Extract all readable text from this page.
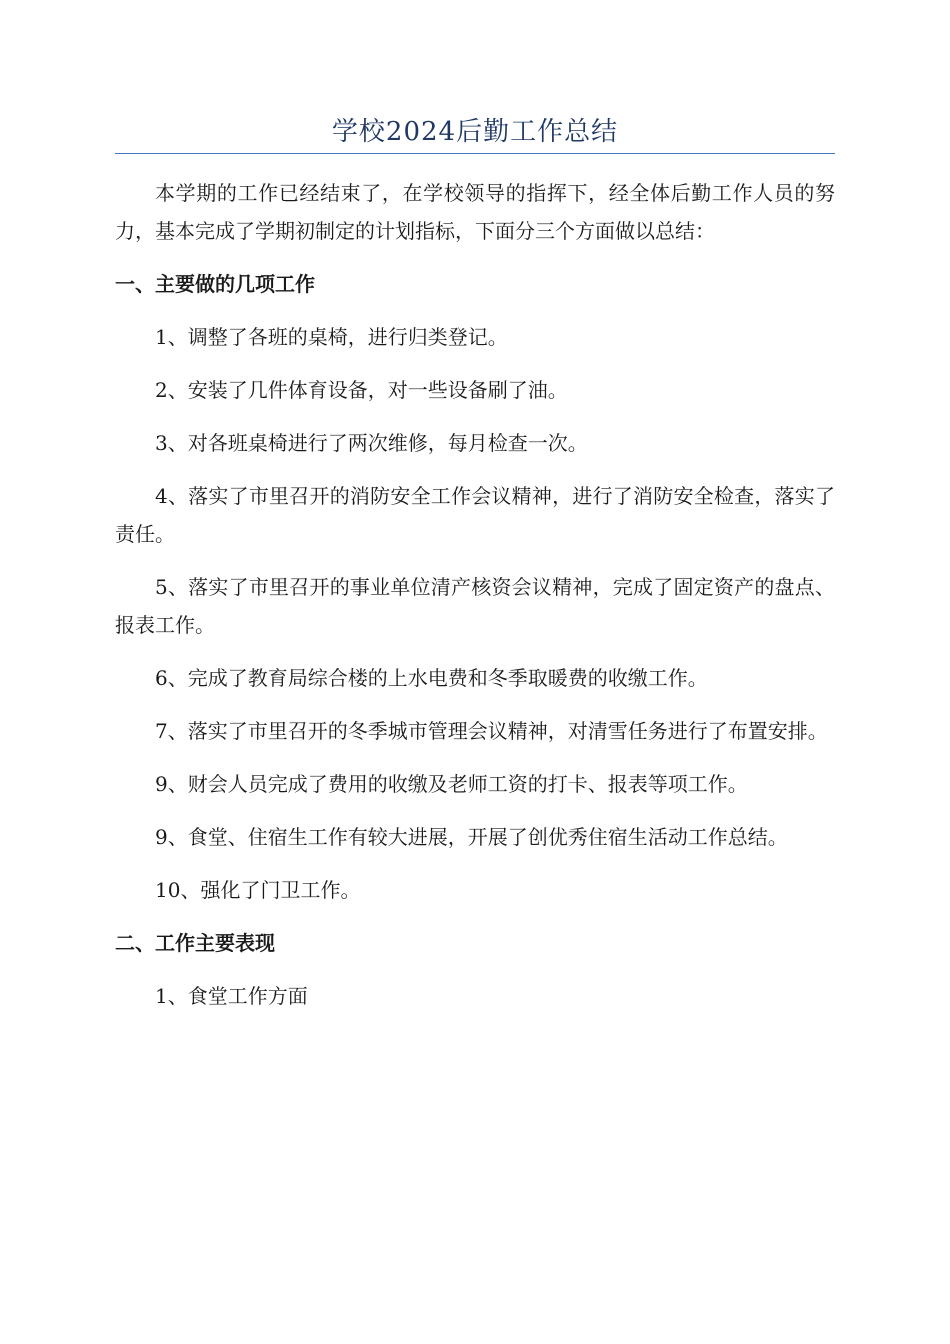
学校2024后勤工作总结

本学期的工作已经结束了，在学校领导的指挥下，经全体后勤工作人员的努力，基本完成了学期初制定的计划指标，下面分三个方面做以总结：

一、主要做的几项工作

1、调整了各班的桌椅，进行归类登记。

2、安装了几件体育设备，对一些设备刷了油。

3、对各班桌椅进行了两次维修，每月检查一次。

4、落实了市里召开的消防安全工作会议精神，进行了消防安全检查，落实了责任。

5、落实了市里召开的事业单位清产核资会议精神，完成了固定资产的盘点、报表工作。

6、完成了教育局综合楼的上水电费和冬季取暖费的收缴工作。

7、落实了市里召开的冬季城市管理会议精神，对清雪任务进行了布置安排。

9、财会人员完成了费用的收缴及老师工资的打卡、报表等项工作。

9、食堂、住宿生工作有较大进展，开展了创优秀住宿生活动工作总结。

10、强化了门卫工作。

二、工作主要表现

1、食堂工作方面
